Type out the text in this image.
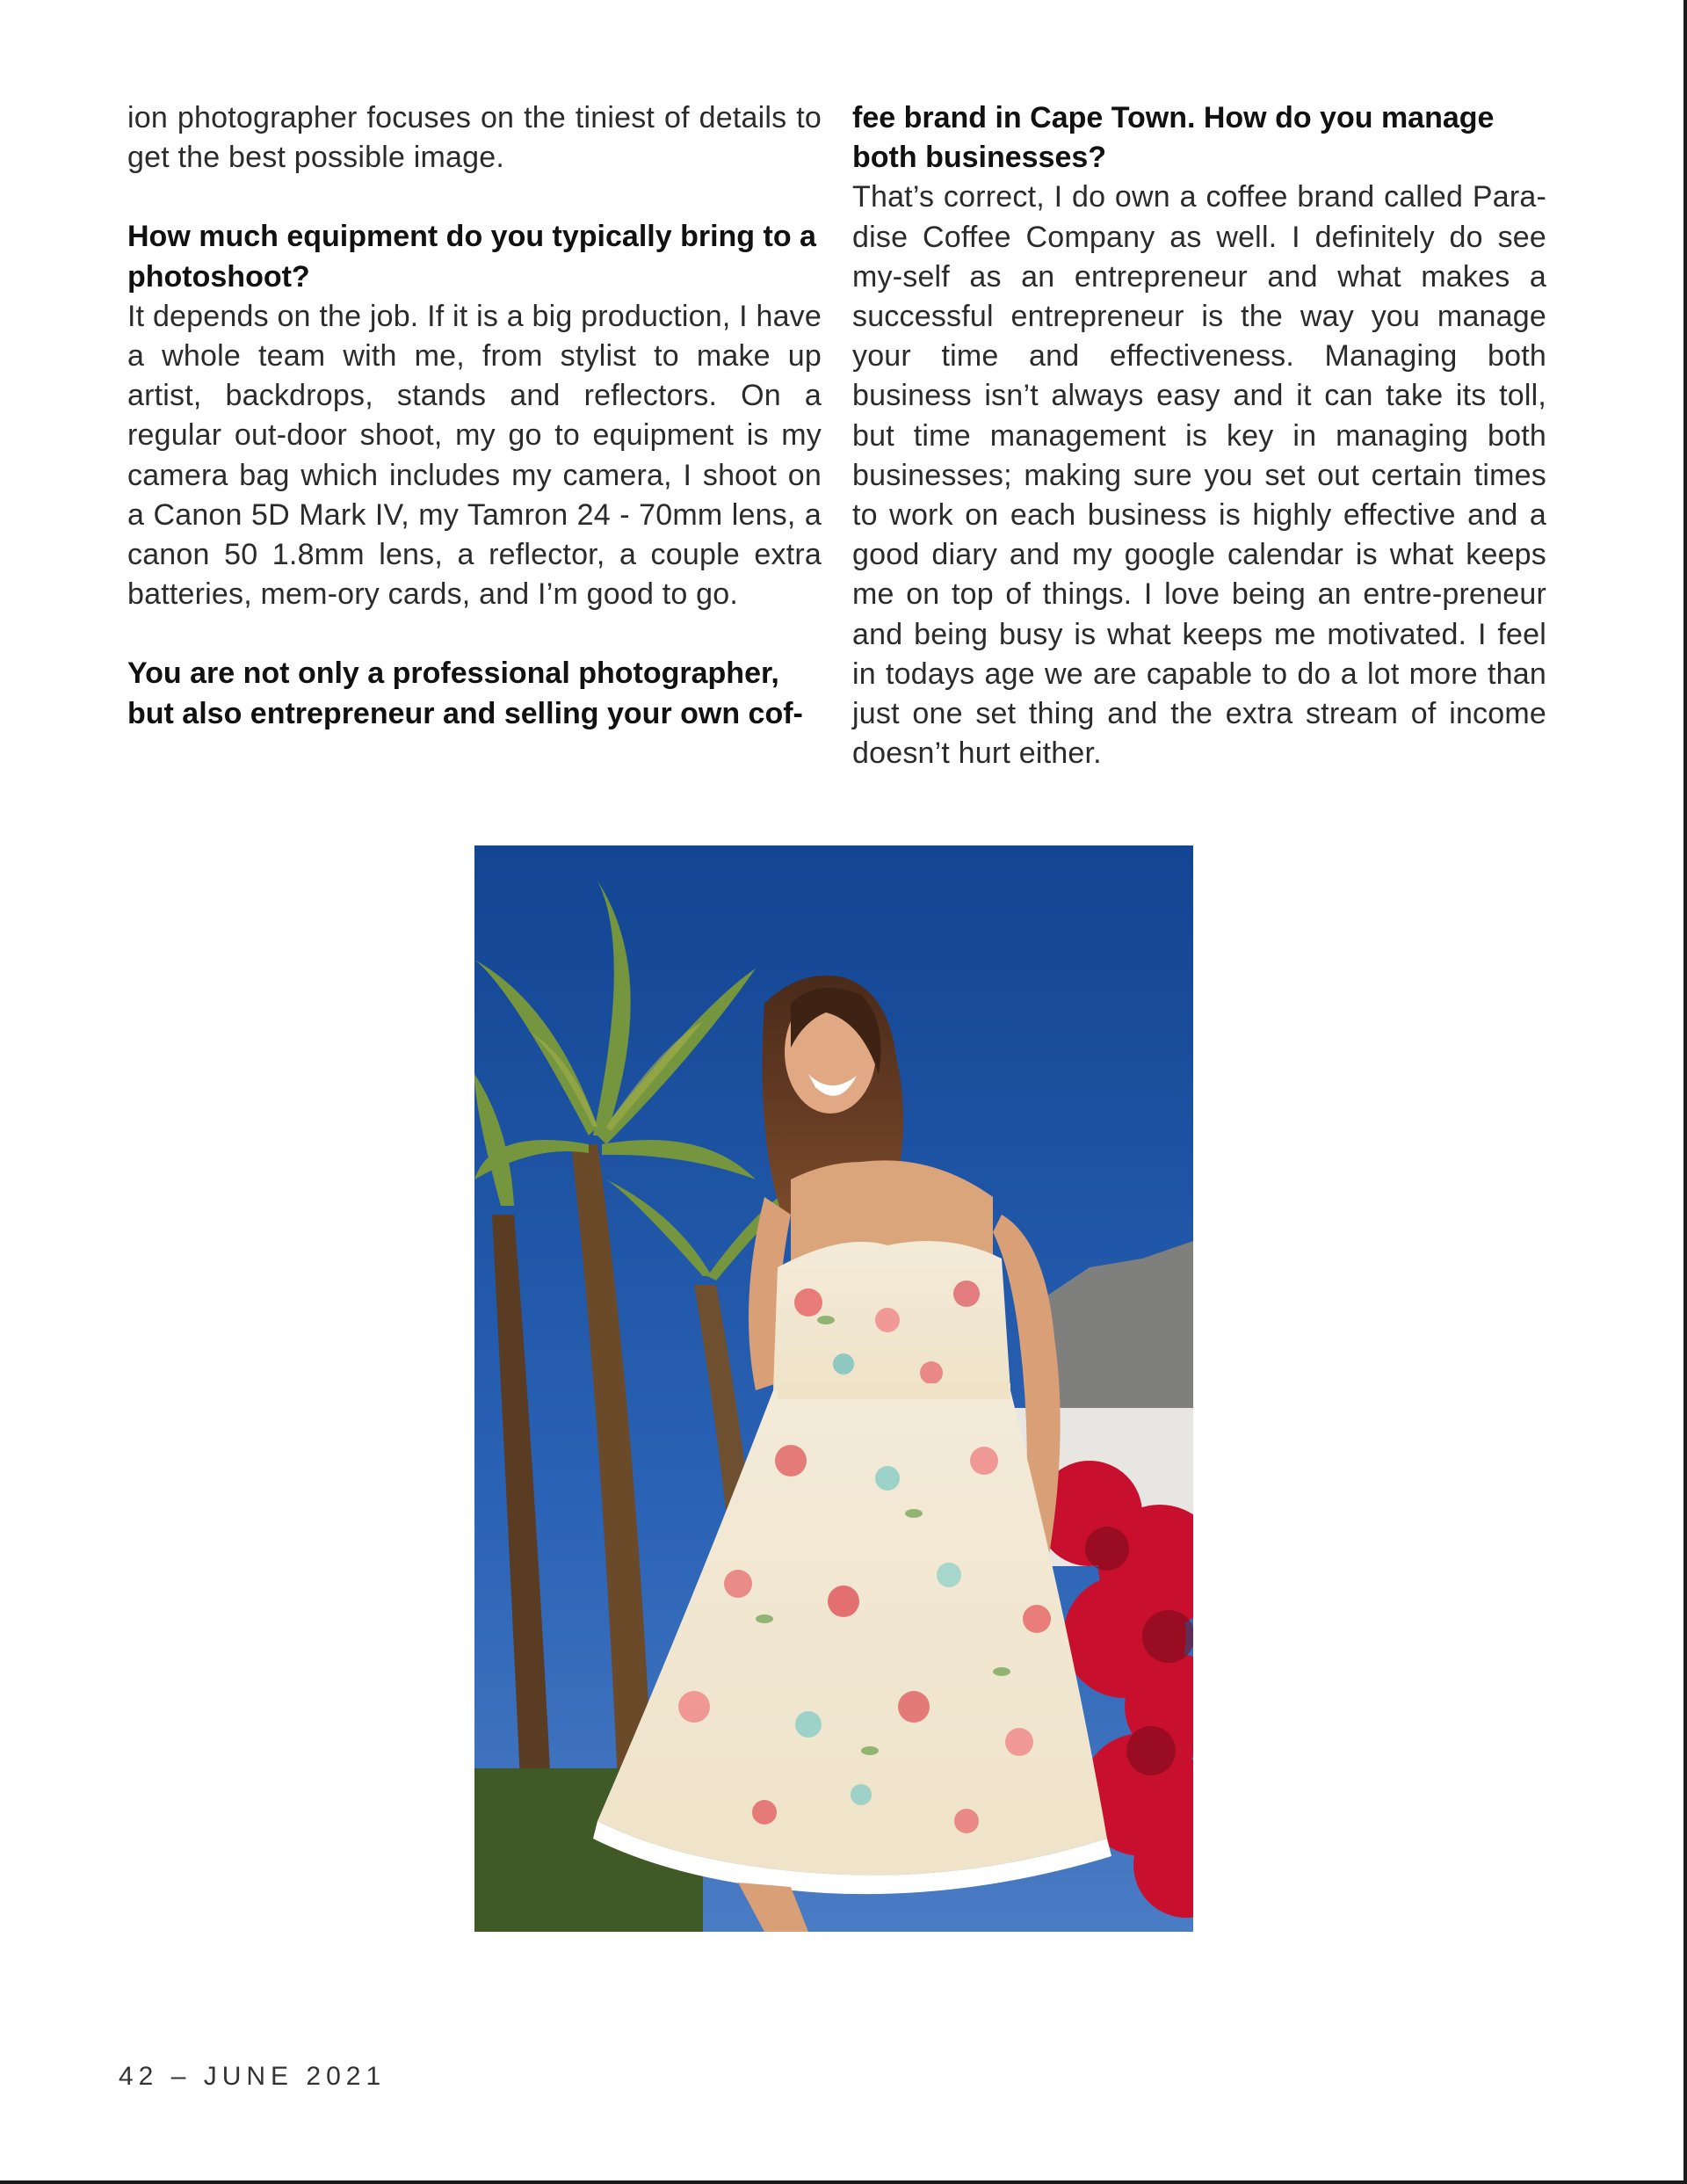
ion photographer focuses on the tiniest of details to get the best possible image.

How much equipment do you typically bring to a photoshoot?

It depends on the job. If it is a big production, I have a whole team with me, from stylist to make up artist, backdrops, stands and reflectors. On a regular out-door shoot, my go to equipment is my camera bag which includes my camera, I shoot on a Canon 5D Mark IV, my Tamron 24 - 70mm lens, a canon 50 1.8mm lens, a reflector, a couple extra batteries, mem-ory cards, and I’m good to go.

You are not only a professional photographer, but also entrepreneur and selling your own cof-

fee brand in Cape Town. How do you manage both businesses?

That’s correct, I do own a coffee brand called Para-dise Coffee Company as well. I definitely do see my-self as an entrepreneur and what makes a successful entrepreneur is the way you manage your time and effectiveness. Managing both business isn’t always easy and it can take its toll, but time management is key in managing both businesses; making sure you set out certain times to work on each business is highly effective and a good diary and my google calendar is what keeps me on top of things. I love being an entre-preneur and being busy is what keeps me motivated. I feel in todays age we are capable to do a lot more than just one set thing and the extra stream of income doesn’t hurt either.

42 – JUNE 2021
